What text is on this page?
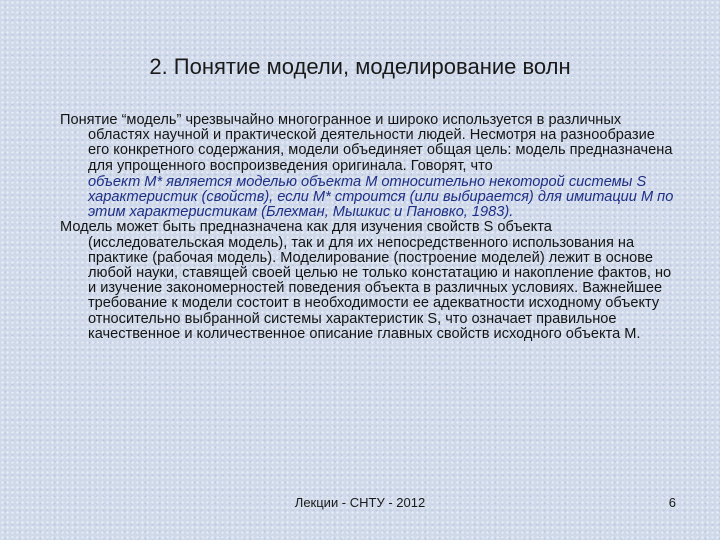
2. Понятие модели, моделирование волн

Понятие “модель” чрезвычайно многогранное и широко используется в различных областях научной и практической деятельности людей. Несмотря на разнообразие его конкретного содержания, модели объединяет общая цель: модель предназначена для упрощенного воспроизведения оригинала. Говорят, что

объект M* является моделью объекта M относительно некоторой системы S характеристик (свойств), если M* строится (или выбирается) для имитации M по этим характеристикам (Блехман, Мышкис и Пановко, 1983).

Модель может быть предназначена как для изучения свойств S объекта (исследовательская модель), так и для их непосредственного использования на практике (рабочая модель). Моделирование (построение моделей) лежит в основе любой науки, ставящей своей целью не только констатацию и накопление фактов, но и изучение закономерностей поведения объекта в различных условиях. Важнейшее требование к модели состоит в необходимости ее адекватности исходному объекту относительно выбранной системы характеристик S, что означает правильное качественное и количественное описание главных свойств исходного объекта M.

Лекции - СНТУ - 2012	6
